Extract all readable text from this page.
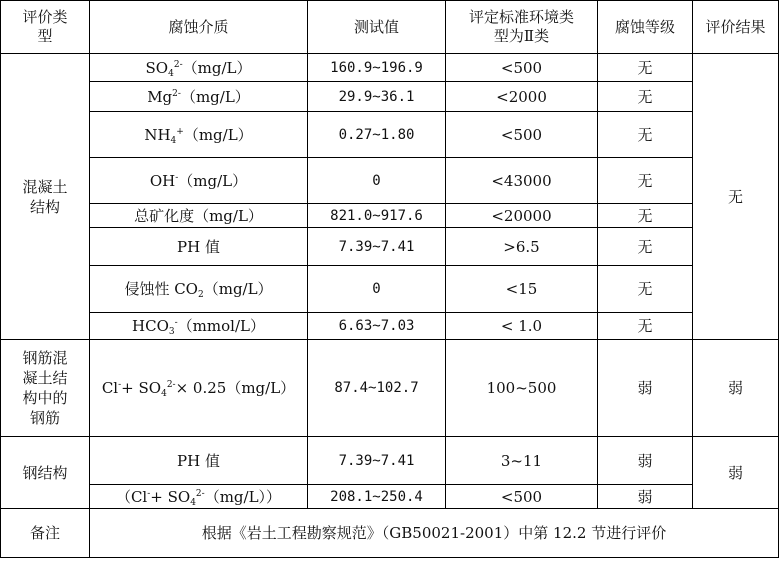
评价类型	腐蚀介质	测试值	评定标准环境类型为Ⅱ类	腐蚀等级	评价结果
混凝土结构	$SO_4^{2-}(mg/L)$	160.9~196.9	<500	无	无
	$Mg^{2-}(mg/L)$	29.9~36.1	<2000	无	
	$NH_4^+(mg/L)$	0.27~1.80	<500	无	
	OH-（mg/L）	0	<43000	无	
	总矿化度（mg/L）	821.0~917.6	<20000	无	
	PH 值	7.39~7.41	>6.5	无	
	侵蚀性 $CO_2(mg/L)$	0	<15	无	
	$HCO_3^-(mmol/L)$	6.63~7.03	< 1.0	无	
钢筋混凝土结构中的钢筋	$Cl^-+ SO_4^{2-}\times 0.25(mg/L)$	87.4~102.7	100~500	弱	弱
钢结构	PH 值	7.39~7.41	3~11	弱	弱
	$(Cl^-+ SO_4^{2-}(mg/L))$	208.1~250.4	<500	弱	
备注	根据《岩土工程勘察规范》（GB50021-2001）中第 12.2 节进行评价				
